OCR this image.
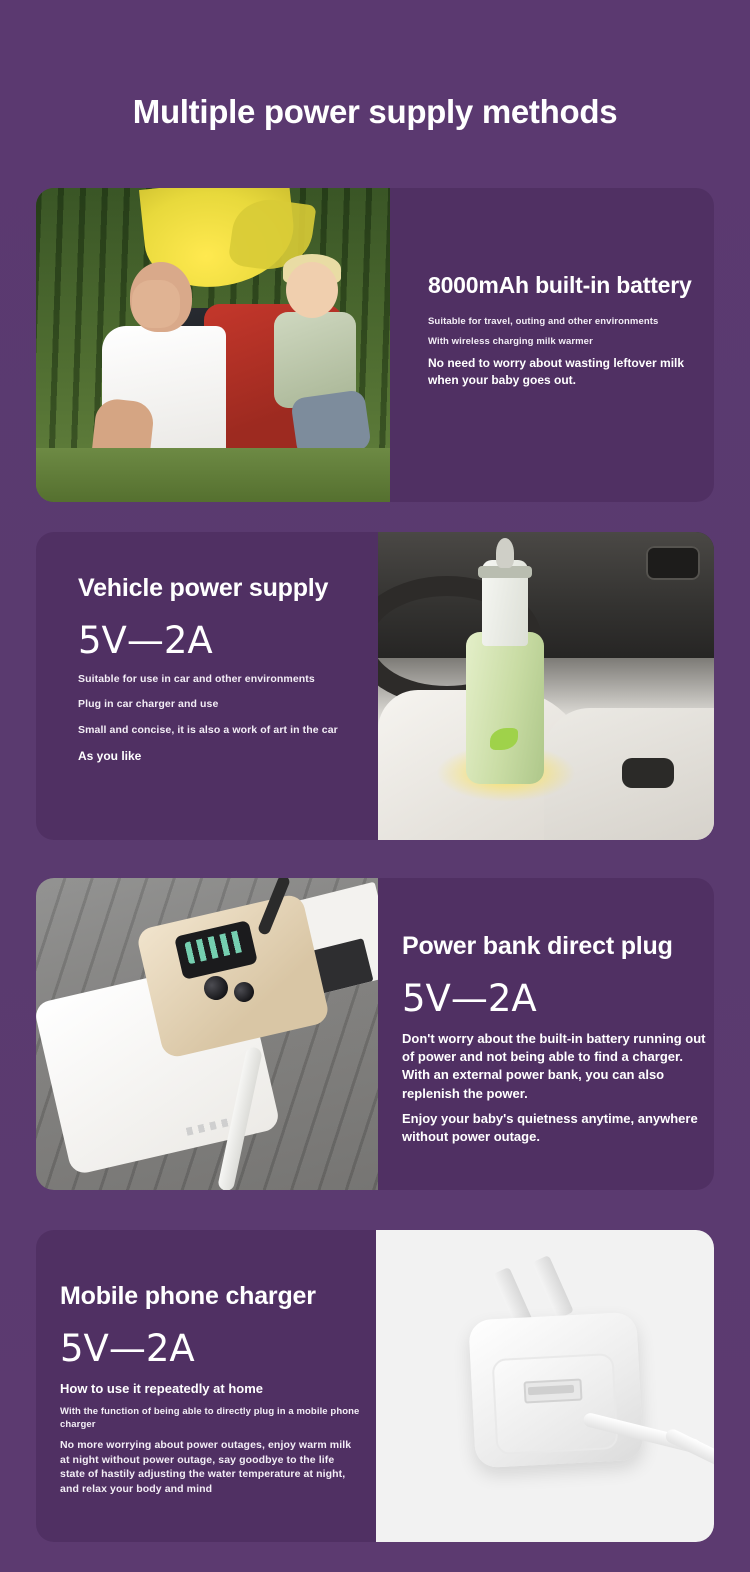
Multiple power supply methods
8000mAh built-in battery
Suitable for travel, outing and other environments
With wireless charging milk warmer
No need to worry about wasting leftover milk when your baby goes out.
Vehicle power supply
5V—2A
Suitable for use in car and other environments
Plug in car charger and use
Small and concise, it is also a work of art in the car
As you like
Power bank direct plug
5V—2A
Don't worry about the built-in battery running out of power and not being able to find a charger. With an external power bank, you can also replenish the power.
Enjoy your baby's quietness anytime, anywhere without power outage.
Mobile phone charger
5V—2A
How to use it repeatedly at home
With the function of being able to directly plug in a mobile phone charger
No more worrying about power outages, enjoy warm milk at night without power outage, say goodbye to the life state of hastily adjusting the water temperature at night, and relax your body and mind
